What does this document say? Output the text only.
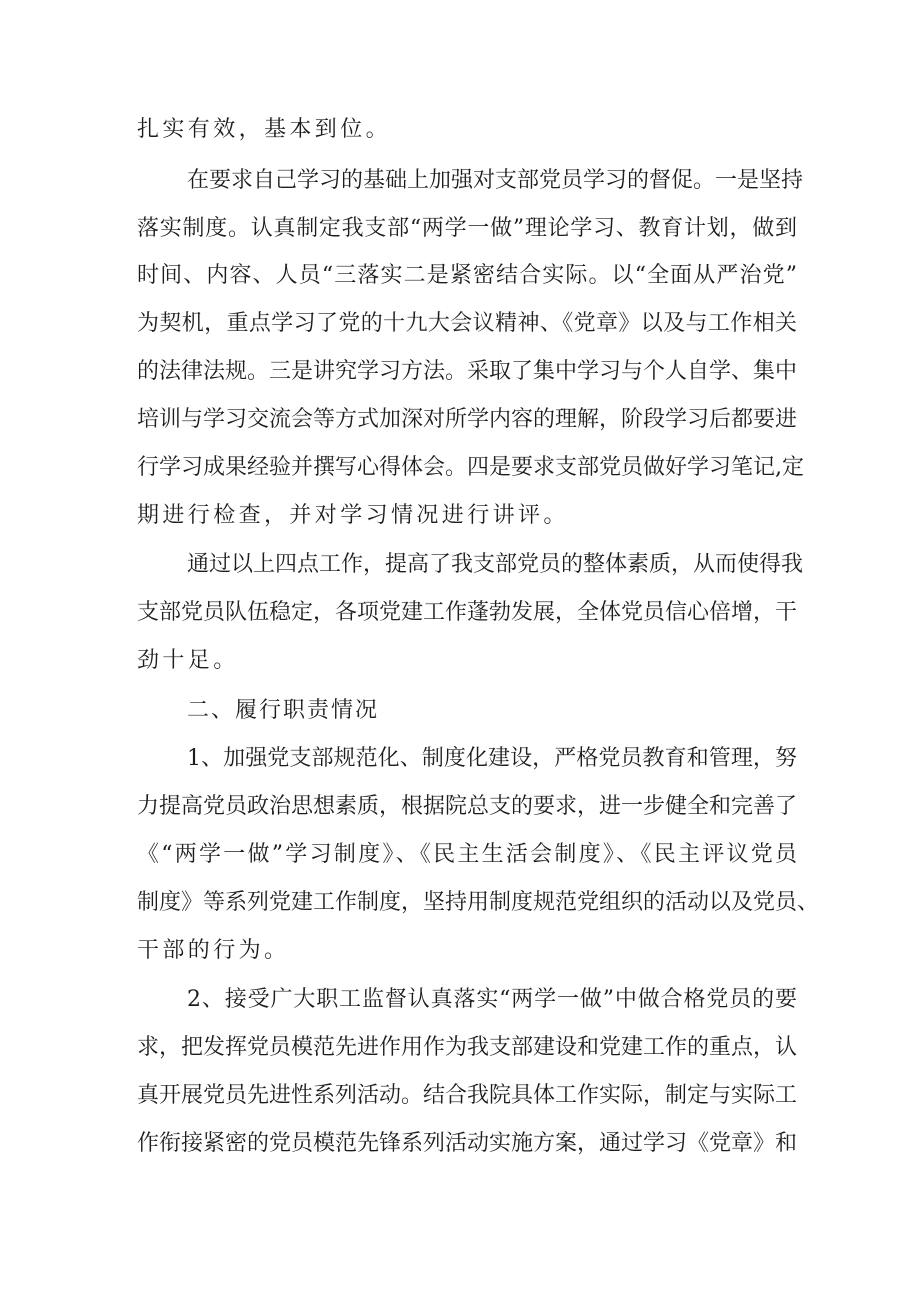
扎实有效，基本到位。
在要求自己学习的基础上加强对支部党员学习的督促。一是坚持
落实制度。认真制定我支部“两学一做”理论学习、教育计划，做到
时间、内容、人员“三落实二是紧密结合实际。以“全面从严治党”
为契机，重点学习了党的十九大会议精神、《党章》以及与工作相关
的法律法规。三是讲究学习方法。采取了集中学习与个人自学、集中
培训与学习交流会等方式加深对所学内容的理解，阶段学习后都要进
行学习成果经验并撰写心得体会。四是要求支部党员做好学习笔记,定
期进行检查，并对学习情况进行讲评。
通过以上四点工作，提高了我支部党员的整体素质，从而使得我
支部党员队伍稳定，各项党建工作蓬勃发展，全体党员信心倍增，干
劲十足。
二、履行职责情况
1、加强党支部规范化、制度化建设，严格党员教育和管理，努
力提高党员政治思想素质，根据院总支的要求，进一步健全和完善了
《“两学一做”学习制度》、《民主生活会制度》、《民主评议党员
制度》等系列党建工作制度，坚持用制度规范党组织的活动以及党员、
干部的行为。
2、接受广大职工监督认真落实“两学一做”中做合格党员的要
求，把发挥党员模范先进作用作为我支部建设和党建工作的重点，认
真开展党员先进性系列活动。结合我院具体工作实际，制定与实际工
作衔接紧密的党员模范先锋系列活动实施方案，通过学习《党章》和
